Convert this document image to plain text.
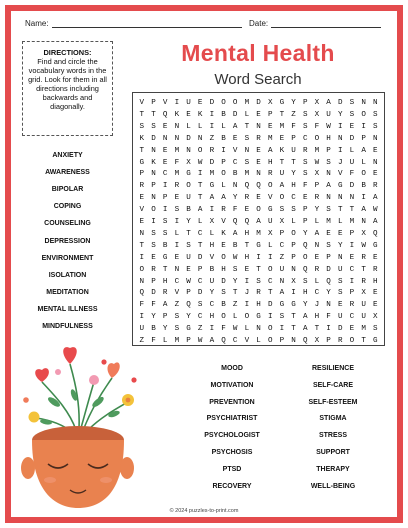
Name:	Date:
DIRECTIONS:
Find and circle the vocabulary words in the grid. Look for them in all directions including backwards and diagonally.
Mental Health
Word Search
V P V I U E D O O M D X G Y P X A D S N N
T T Q K E K I B D L E P T Z S X U Y S O S
S S E N L L I L A T N E M F S F W I E I S
K D N N D N Z B E S R M E P C O H N D P N
T N E M N O R I V N E A K U R M P I L A E
G K E F X W D P C S E H T T S W S J U L N
P N C M G I M O B M N R U Y S X N V F O E
R P I R O T G L N Q Q O A H F P A G D B R
E N P E U T A A Y R E V O C E R N N N I A
V O I S B A I R F E O G S S P Y S T T A W
E I S I Y L X V Q Q A U X L P L M L M N A
N S S L T C L K A H M X P O Y A E E P X Q
T S B I S T H E B T G L C P Q N S Y I W G
I E G E U D V O W H I I Z P O E P N E R E
O R T N E P B H S E T O U N Q R D U C T R
N P H C W C U D Y I S C N X S L Q S I R H
Q D R V P D Y S T J R T A I H C Y S P X E
F F A Z Q S C B Z I H D G G Y J N E R U E
I Y P S Y C H O L O G I S T A H F U C U X
U B Y S G Z I F W L N O I T A T I D E M S
Z F L M P W A Q C V L O P N Q X P R O T G
ANXIETY
AWARENESS
BIPOLAR
COPING
COUNSELING
DEPRESSION
ENVIRONMENT
ISOLATION
MEDITATION
MENTAL ILLNESS
MINDFULNESS
MOOD
MOTIVATION
PREVENTION
PSYCHIATRIST
PSYCHOLOGIST
PSYCHOSIS
PTSD
RECOVERY
RESILIENCE
SELF-CARE
SELF-ESTEEM
STIGMA
STRESS
SUPPORT
THERAPY
WELL-BEING
© 2024 puzzles-to-print.com
